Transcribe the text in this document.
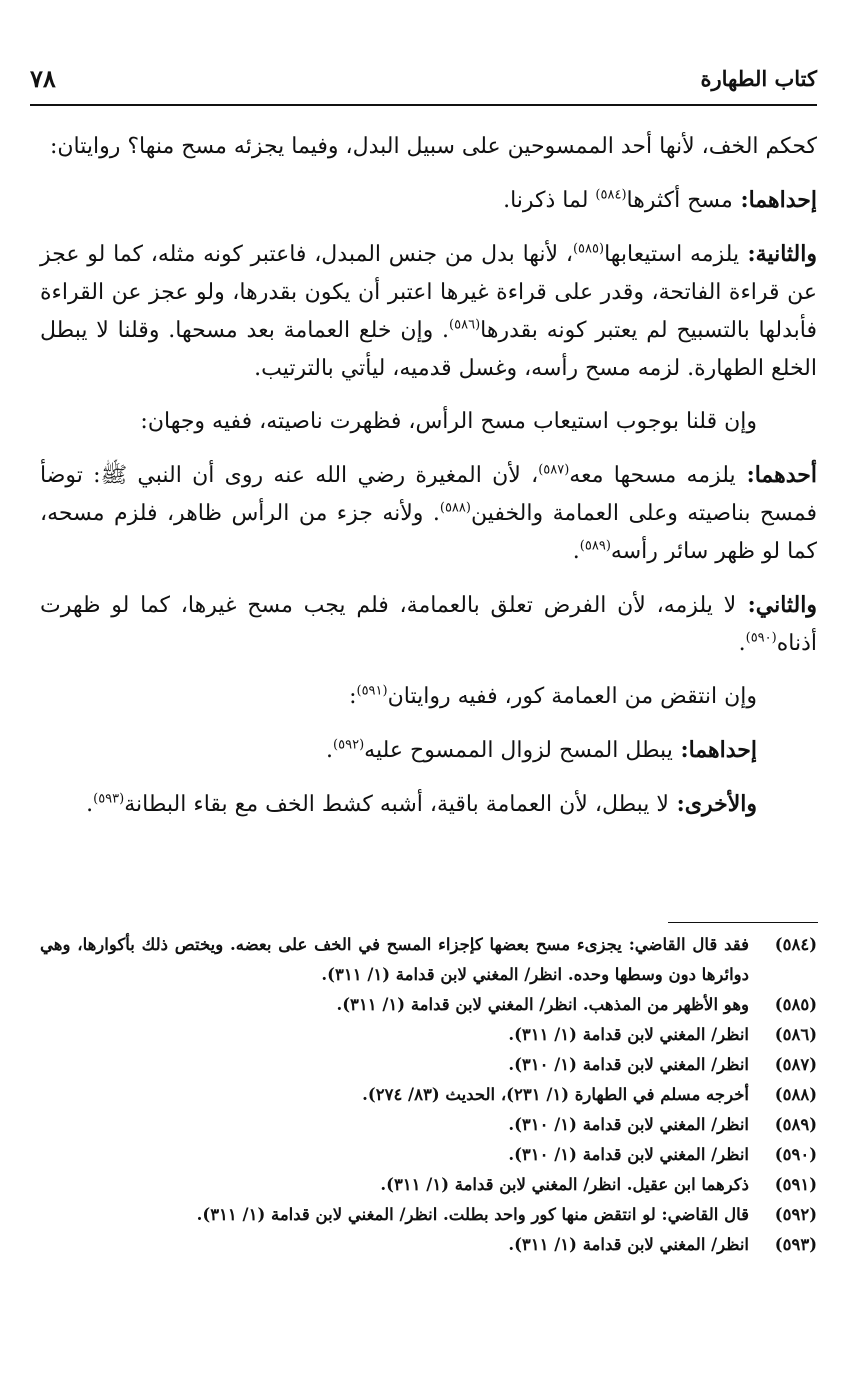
كتاب الطهارة
٧٨

كحكم الخف، لأنها أحد الممسوحين على سبيل البدل، وفيما يجزئه مسح منها؟ روايتان:

إحداهما: مسح أكثرها$^{(٥٨٤)}$ لما ذكرنا.

والثانية: يلزمه استيعابها$^{(٥٨٥)}$، لأنها بدل من جنس المبدل، فاعتبر كونه مثله، كما لو عجز عن قراءة الفاتحة، وقدر على قراءة غيرها اعتبر أن يكون بقدرها، ولو عجز عن القراءة فأبدلها بالتسبيح لم يعتبر كونه بقدرها$^{(٥٨٦)}$. وإن خلع العمامة بعد مسحها. وقلنا لا يبطل الخلع الطهارة. لزمه مسح رأسه، وغسل قدميه، ليأتي بالترتيب.

وإن قلنا بوجوب استيعاب مسح الرأس، فظهرت ناصيته، ففيه وجهان:

أحدهما: يلزمه مسحها معه$^{(٥٨٧)}$، لأن المغيرة رضي الله عنه روى أن النبي ﷺ: توضأ فمسح بناصيته وعلى العمامة والخفين$^{(٥٨٨)}$. ولأنه جزء من الرأس ظاهر، فلزم مسحه، كما لو ظهر سائر رأسه$^{(٥٨٩)}$.

والثاني: لا يلزمه، لأن الفرض تعلق بالعمامة، فلم يجب مسح غيرها، كما لو ظهرت أذناه$^{(٥٩٠)}$.

وإن انتقض من العمامة كور، ففيه روايتان$^{(٥٩١)}$:

إحداهما: يبطل المسح لزوال الممسوح عليه$^{(٥٩٢)}$.

والأخرى: لا يبطل، لأن العمامة باقية، أشبه كشط الخف مع بقاء البطانة$^{(٥٩٣)}$.

(٥٨٤)
فقد قال القاضي: يجزىء مسح بعضها كإجزاء المسح في الخف على بعضه. ويختص ذلك بأكوارها، وهي دوائرها دون وسطها وحده. انظر/ المغني لابن قدامة (١/ ٣١١).
(٥٨٥)
وهو الأظهر من المذهب. انظر/ المغني لابن قدامة (١/ ٣١١).
(٥٨٦)
انظر/ المغني لابن قدامة (١/ ٣١١).
(٥٨٧)
انظر/ المغني لابن قدامة (١/ ٣١٠).
(٥٨٨)
أخرجه مسلم في الطهارة (١/ ٢٣١)، الحديث (٨٣/ ٢٧٤).
(٥٨٩)
انظر/ المغني لابن قدامة (١/ ٣١٠).
(٥٩٠)
انظر/ المغني لابن قدامة (١/ ٣١٠).
(٥٩١)
ذكرهما ابن عقيل. انظر/ المغني لابن قدامة (١/ ٣١١).
(٥٩٢)
قال القاضي: لو انتقض منها كور واحد بطلت. انظر/ المغني لابن قدامة (١/ ٣١١).
(٥٩٣)
انظر/ المغني لابن قدامة (١/ ٣١١).
